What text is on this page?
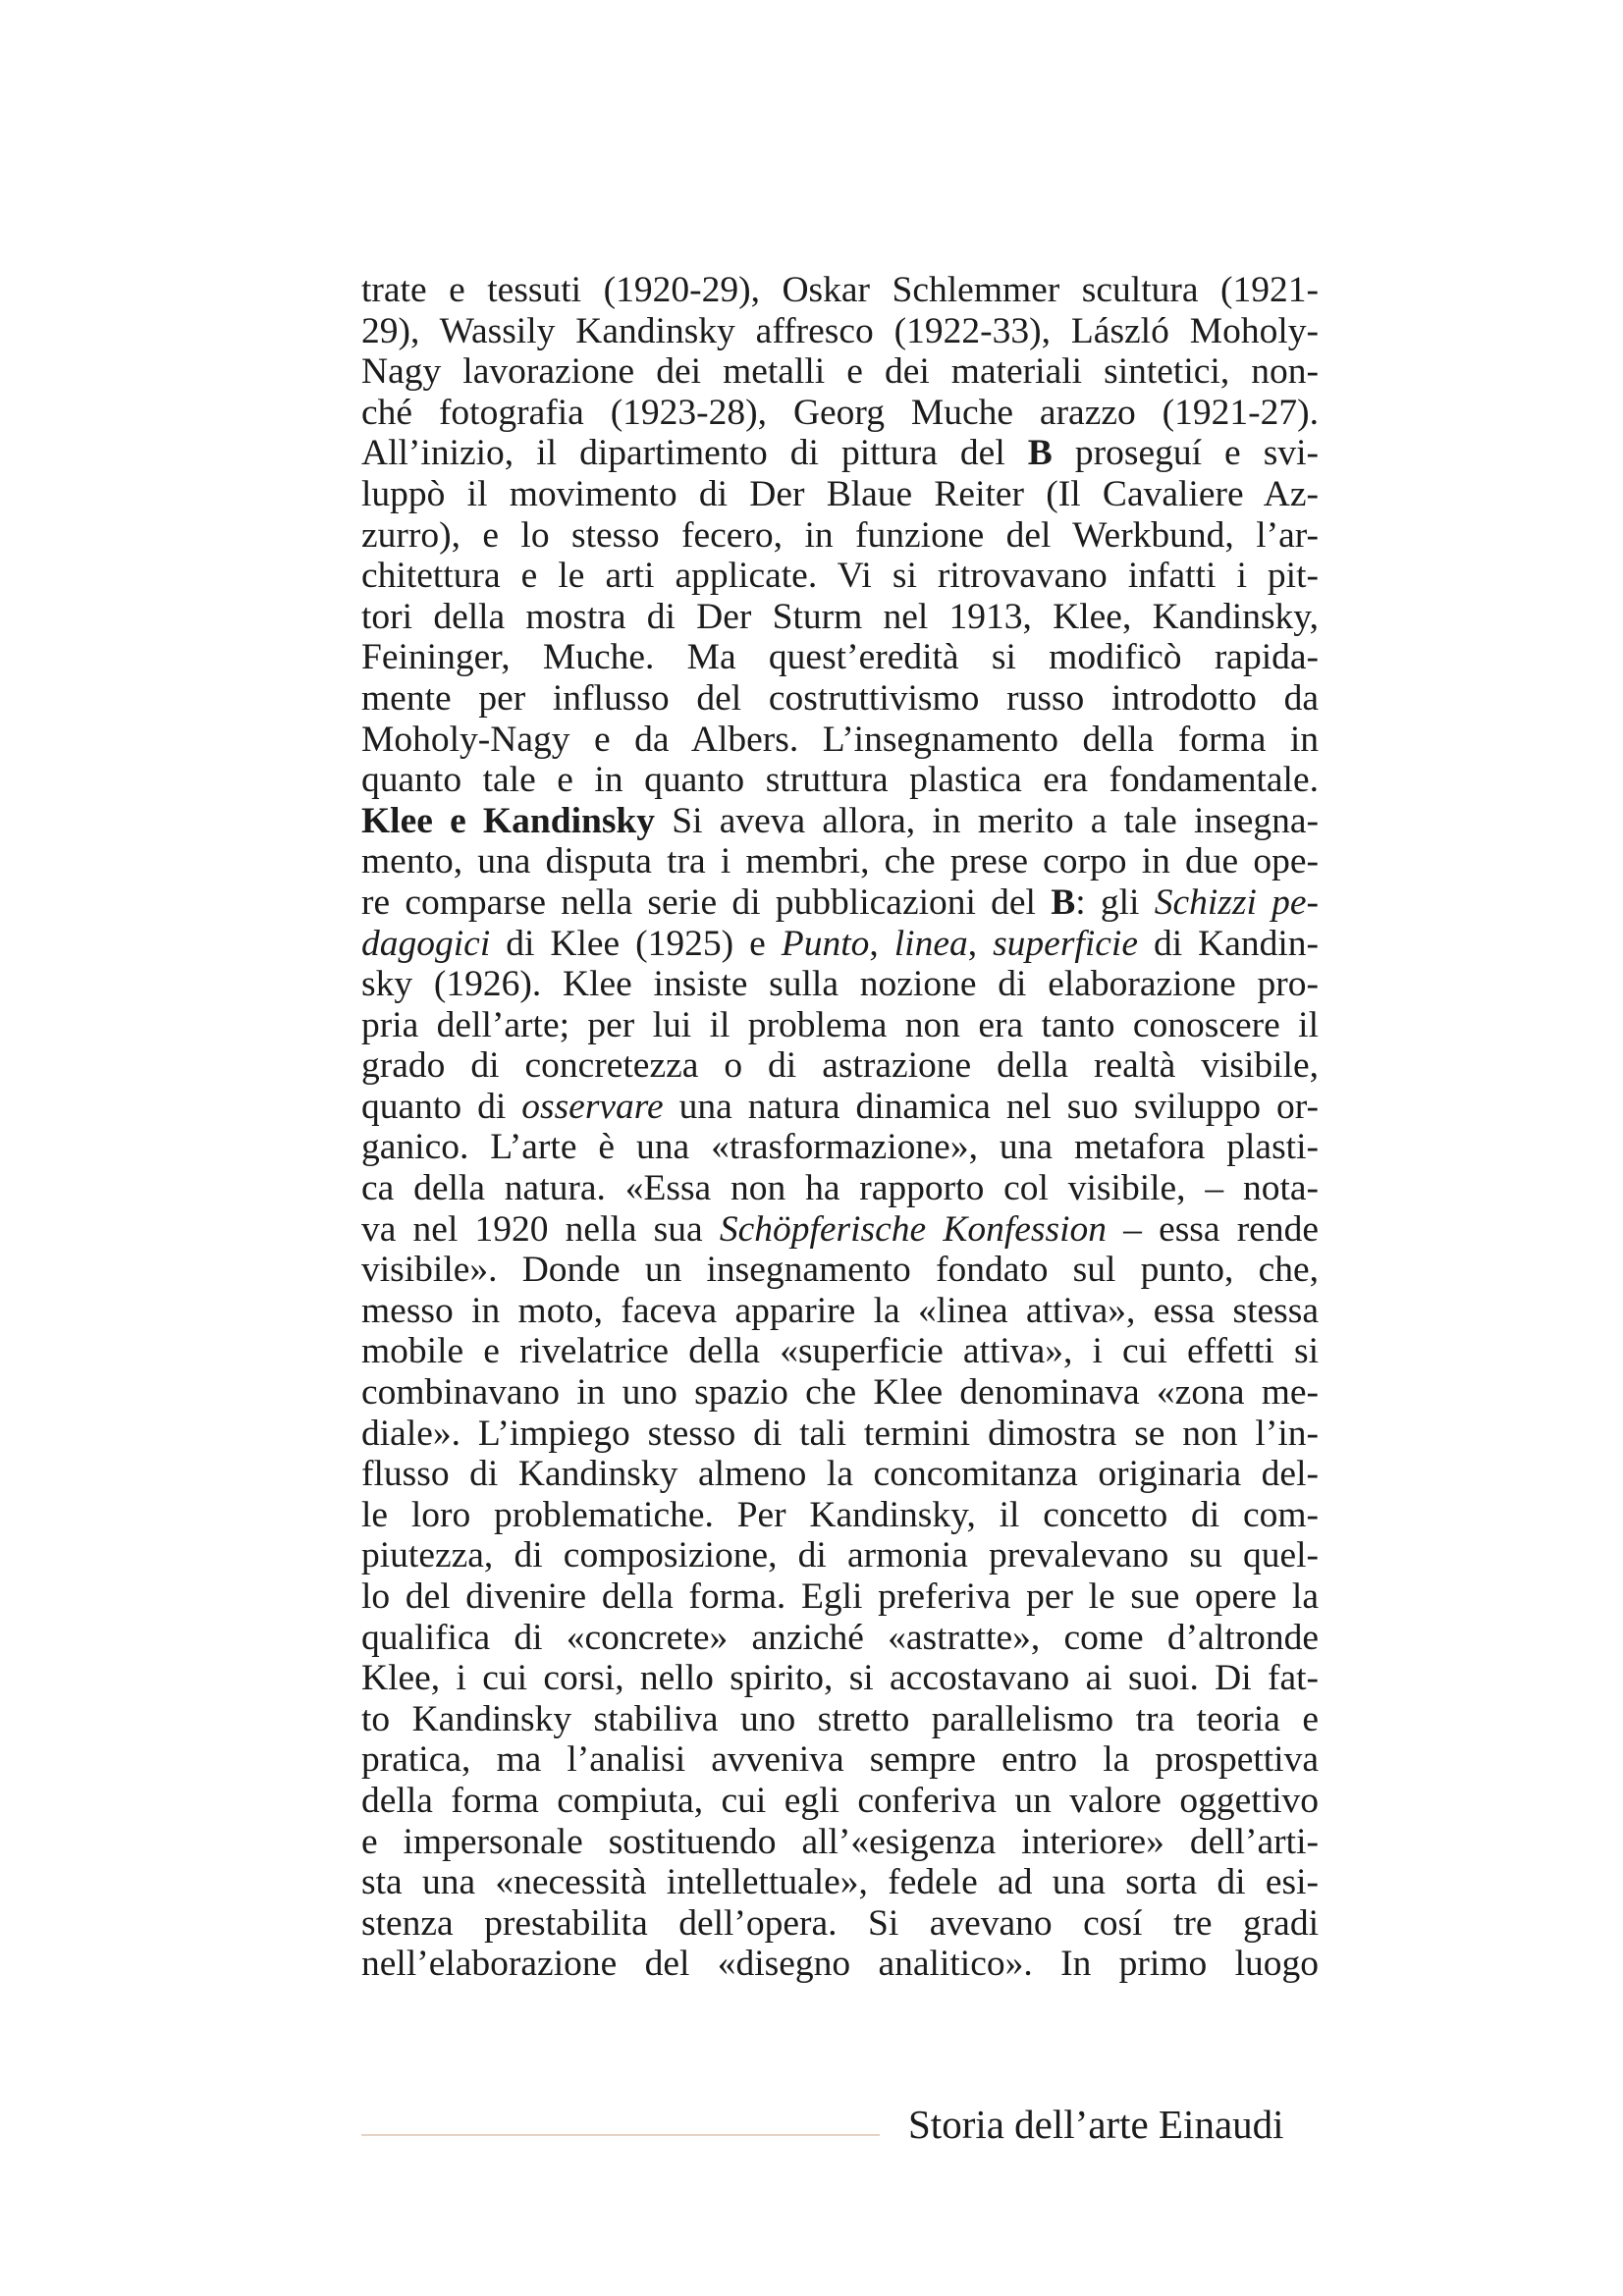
trate e tessuti (1920-29), Oskar Schlemmer scultura (1921-
29), Wassily Kandinsky affresco (1922-33), László Moholy-
Nagy lavorazione dei metalli e dei materiali sintetici, non-
ché fotografia (1923-28), Georg Muche arazzo (1921-27).
All’inizio, il dipartimento di pittura del B proseguí e svi-
luppò il movimento di Der Blaue Reiter (Il Cavaliere Az-
zurro), e lo stesso fecero, in funzione del Werkbund, l’ar-
chitettura e le arti applicate. Vi si ritrovavano infatti i pit-
tori della mostra di Der Sturm nel 1913, Klee, Kandinsky,
Feininger, Muche. Ma quest’eredità si modificò rapida-
mente per influsso del costruttivismo russo introdotto da
Moholy-Nagy e da Albers. L’insegnamento della forma in
quanto tale e in quanto struttura plastica era fondamentale.
Klee e Kandinsky Si aveva allora, in merito a tale insegna-
mento, una disputa tra i membri, che prese corpo in due ope-
re comparse nella serie di pubblicazioni del B: gli Schizzi pe-
dagogici di Klee (1925) e Punto, linea, superficie di Kandin-
sky (1926). Klee insiste sulla nozione di elaborazione pro-
pria dell’arte; per lui il problema non era tanto conoscere il
grado di concretezza o di astrazione della realtà visibile,
quanto di osservare una natura dinamica nel suo sviluppo or-
ganico. L’arte è una «trasformazione», una metafora plasti-
ca della natura. «Essa non ha rapporto col visibile, – nota-
va nel 1920 nella sua Schöpferische Konfession – essa rende
visibile». Donde un insegnamento fondato sul punto, che,
messo in moto, faceva apparire la «linea attiva», essa stessa
mobile e rivelatrice della «superficie attiva», i cui effetti si
combinavano in uno spazio che Klee denominava «zona me-
diale». L’impiego stesso di tali termini dimostra se non l’in-
flusso di Kandinsky almeno la concomitanza originaria del-
le loro problematiche. Per Kandinsky, il concetto di com-
piutezza, di composizione, di armonia prevalevano su quel-
lo del divenire della forma. Egli preferiva per le sue opere la
qualifica di «concrete» anziché «astratte», come d’altronde
Klee, i cui corsi, nello spirito, si accostavano ai suoi. Di fat-
to Kandinsky stabiliva uno stretto parallelismo tra teoria e
pratica, ma l’analisi avveniva sempre entro la prospettiva
della forma compiuta, cui egli conferiva un valore oggettivo
e impersonale sostituendo all’«esigenza interiore» dell’arti-
sta una «necessità intellettuale», fedele ad una sorta di esi-
stenza prestabilita dell’opera. Si avevano cosí tre gradi
nell’elaborazione del «disegno analitico». In primo luogo
Storia dell’arte Einaudi
